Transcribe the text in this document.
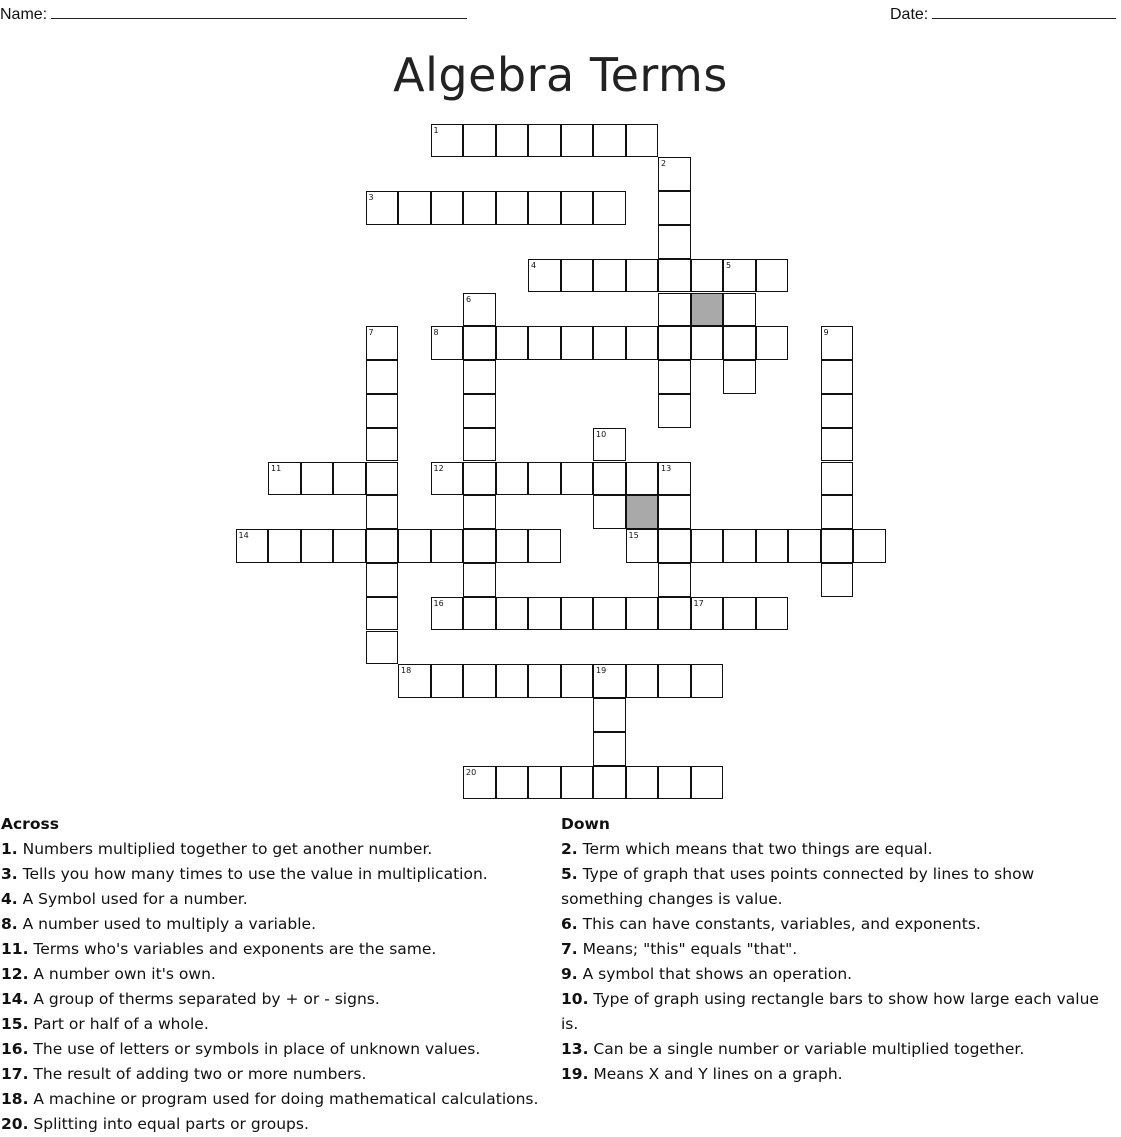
Name:	Date:
Algebra Terms
1
2
3
4	5
6
7	8	9
10
11	12	13
14	15
16	17
18	19
20
Across
1. Numbers multiplied together to get another number.
3. Tells you how many times to use the value in multiplication.
4. A Symbol used for a number.
8. A number used to multiply a variable.
11. Terms who's variables and exponents are the same.
12. A number own it's own.
14. A group of therms separated by + or - signs.
15. Part or half of a whole.
16. The use of letters or symbols in place of unknown values.
17. The result of adding two or more numbers.
18. A machine or program used for doing mathematical calculations.
20. Splitting into equal parts or groups.
Down
2. Term which means that two things are equal.
5. Type of graph that uses points connected by lines to show something changes is value.
6. This can have constants, variables, and exponents.
7. Means; "this" equals "that".
9. A symbol that shows an operation.
10. Type of graph using rectangle bars to show how large each value is.
13. Can be a single number or variable multiplied together.
19. Means X and Y lines on a graph.
